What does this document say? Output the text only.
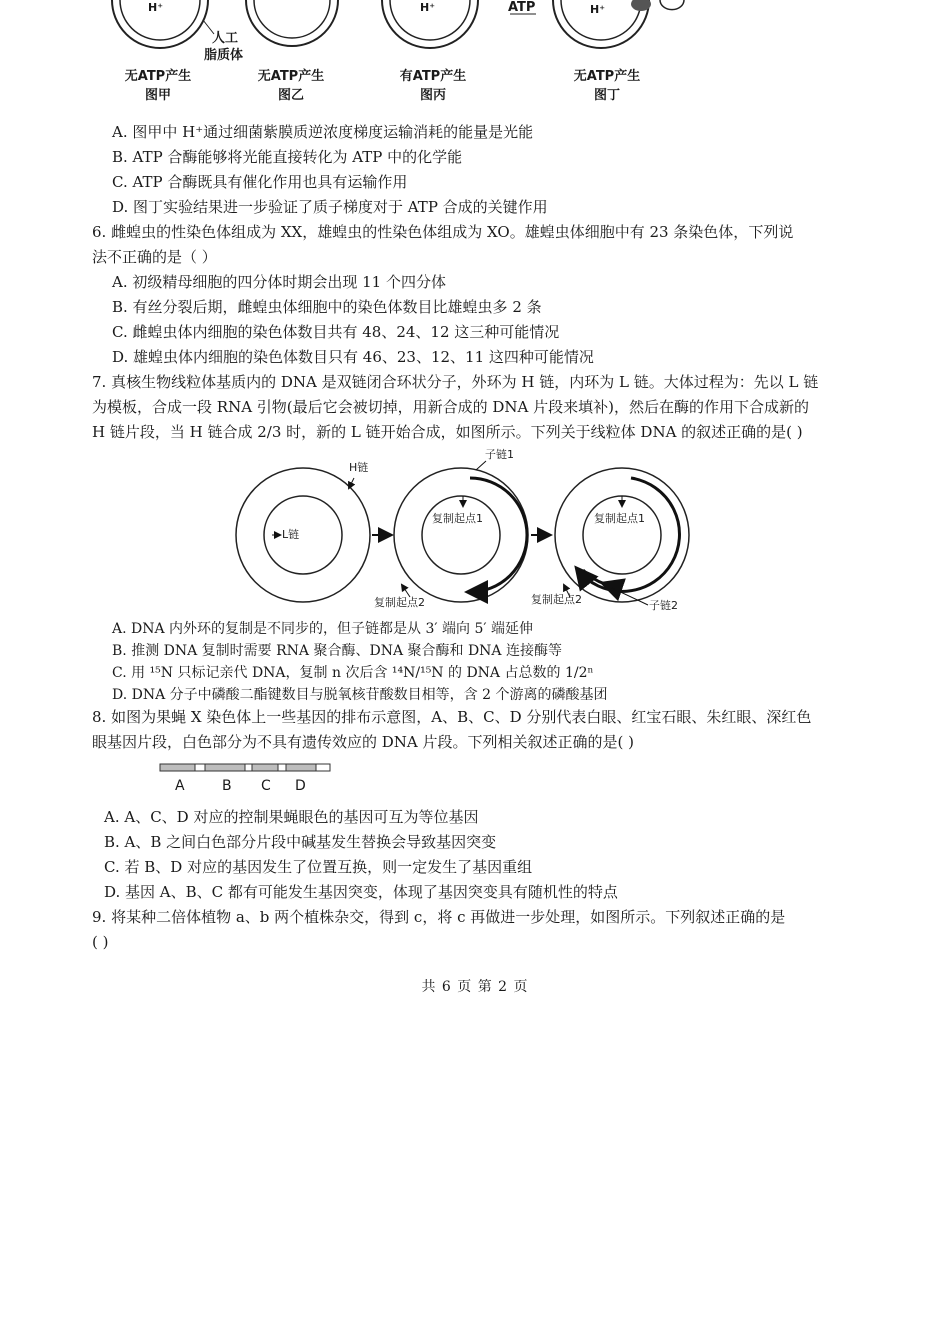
H⁺	H⁺	H⁺
ATP
人工
脂质体
无ATP产生
图甲
无ATP产生
图乙
有ATP产生
图丙
无ATP产生
图丁
A. 图甲中 H⁺通过细菌紫膜质逆浓度梯度运输消耗的能量是光能
B. ATP 合酶能够将光能直接转化为 ATP 中的化学能
C. ATP 合酶既具有催化作用也具有运输作用
D. 图丁实验结果进一步验证了质子梯度对于 ATP 合成的关键作用
6. 雌蝗虫的性染色体组成为 XX，雄蝗虫的性染色体组成为 XO。雄蝗虫体细胞中有 23 条染色体，下列说
法不正确的是（ ）
A. 初级精母细胞的四分体时期会出现 11 个四分体
B. 有丝分裂后期，雌蝗虫体细胞中的染色体数目比雄蝗虫多 2 条
C. 雌蝗虫体内细胞的染色体数目共有 48、24、12 这三种可能情况
D. 雄蝗虫体内细胞的染色体数目只有 46、23、12、11 这四种可能情况
7. 真核生物线粒体基质内的 DNA 是双链闭合环状分子，外环为 H 链，内环为 L 链。大体过程为：先以 L 链
为模板，合成一段 RNA 引物(最后它会被切掉，用新合成的 DNA 片段来填补)，然后在酶的作用下合成新的
H 链片段，当 H 链合成 2/3 时，新的 L 链开始合成，如图所示。下列关于线粒体 DNA 的叙述正确的是( )
H链
L链
子链1
复制起点1
复制起点2
复制起点1
复制起点2	子链2
A. DNA 内外环的复制是不同步的，但子链都是从 3′ 端向 5′ 端延伸
B. 推测 DNA 复制时需要 RNA 聚合酶、DNA 聚合酶和 DNA 连接酶等
C. 用 ¹⁵N 只标记亲代 DNA，复制 n 次后含 ¹⁴N/¹⁵N 的 DNA 占总数的 1/2ⁿ
D. DNA 分子中磷酸二酯键数目与脱氧核苷酸数目相等，含 2 个游离的磷酸基团
8. 如图为果蝇 X 染色体上一些基因的排布示意图，A、B、C、D 分别代表白眼、红宝石眼、朱红眼、深红色
眼基因片段，白色部分为不具有遗传效应的 DNA 片段。下列相关叙述正确的是( )
A	B C D
A. A、C、D 对应的控制果蝇眼色的基因可互为等位基因
B. A、B 之间白色部分片段中碱基发生替换会导致基因突变
C. 若 B、D 对应的基因发生了位置互换，则一定发生了基因重组
D. 基因 A、B、C 都有可能发生基因突变，体现了基因突变具有随机性的特点
9. 将某种二倍体植物 a、b 两个植株杂交，得到 c，将 c 再做进一步处理，如图所示。下列叙述正确的是
( )
共 6 页 第 2 页
